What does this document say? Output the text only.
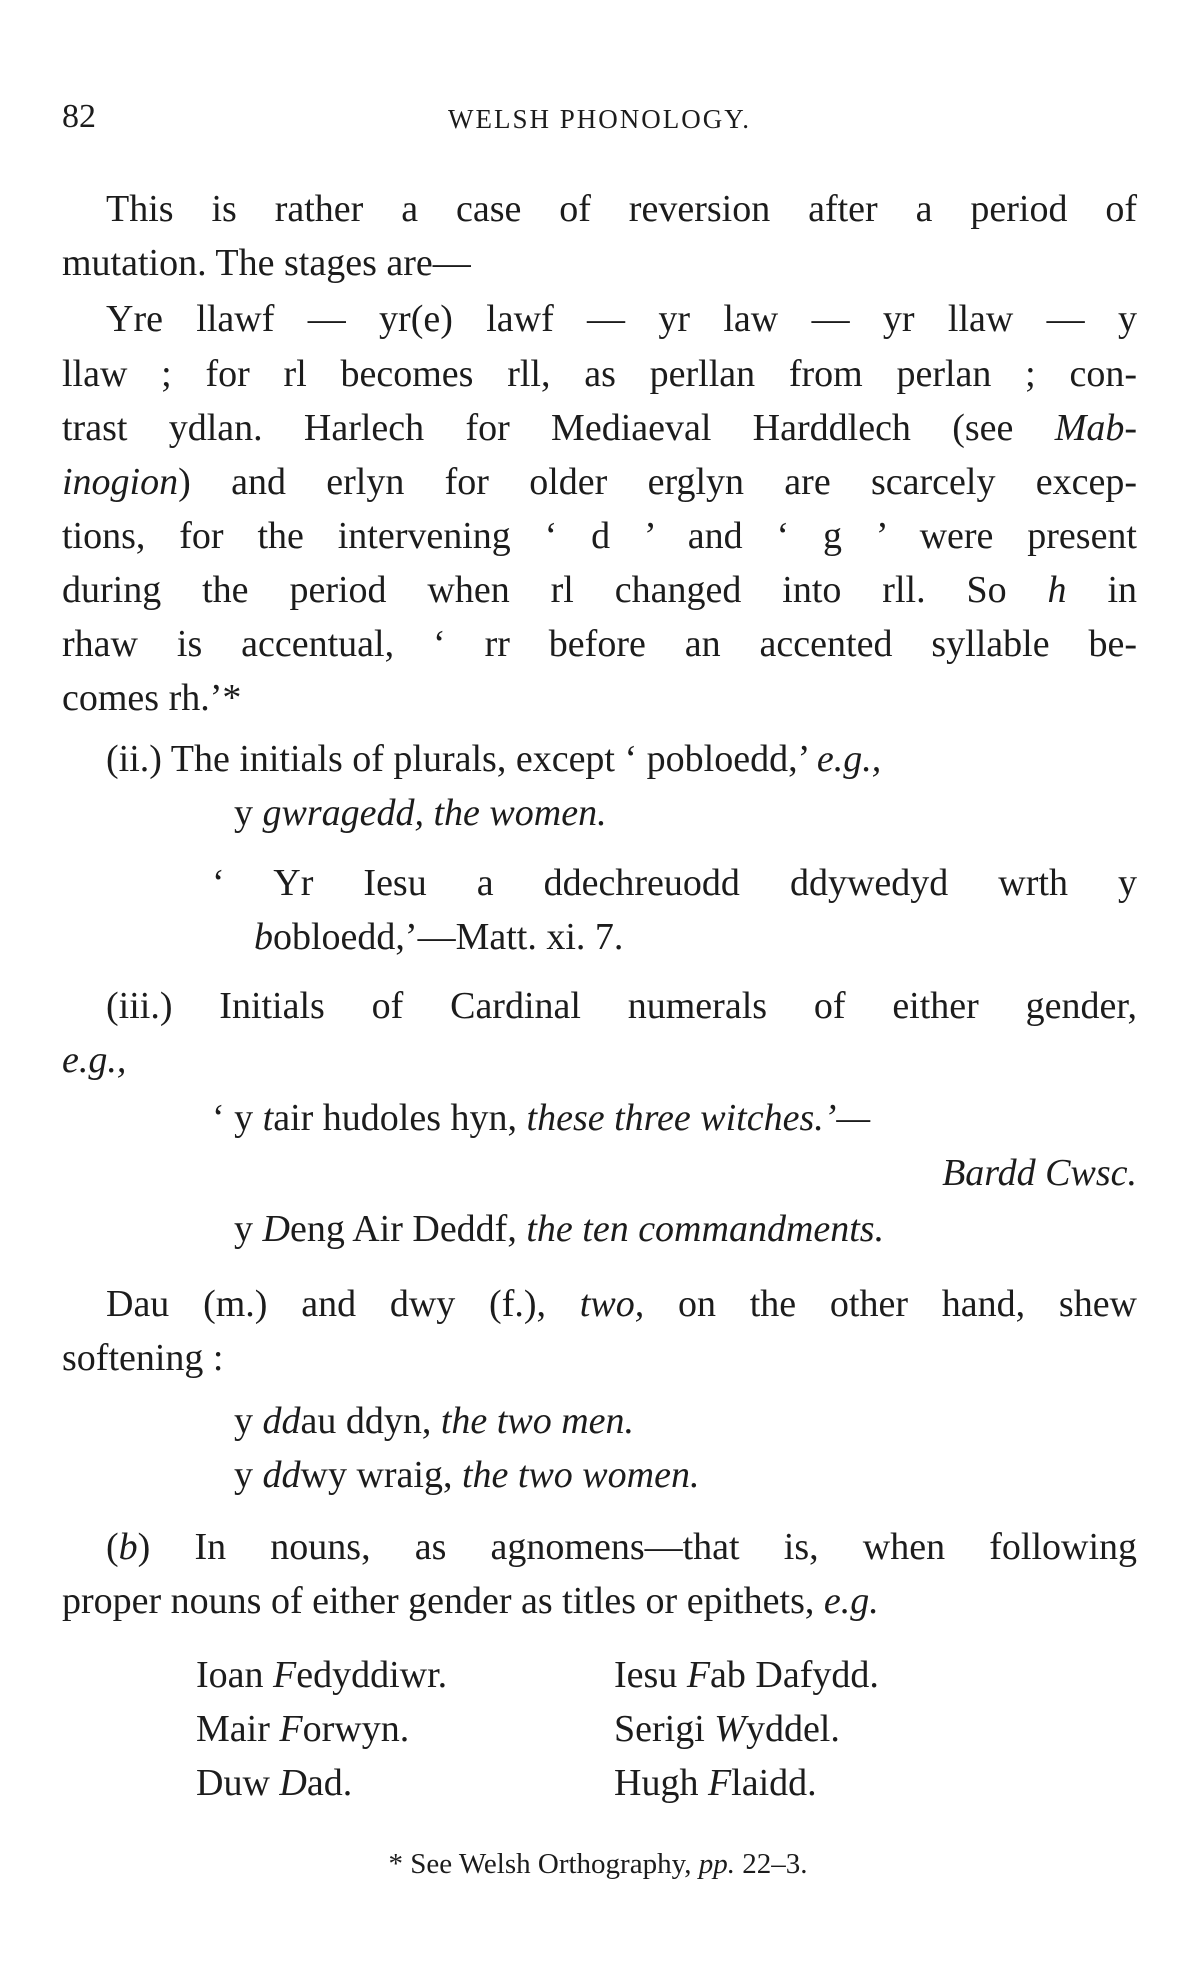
82	WELSH PHONOLOGY.
This is rather a case of reversion after a period of
mutation. The stages are—
Yre llawf — yr(e) lawf — yr law — yr llaw — y
llaw ; for rl becomes rll, as perllan from perlan ; con-
trast ydlan. Harlech for Mediaeval Harddlech (see Mab-
inogion) and erlyn for older erglyn are scarcely excep-
tions, for the intervening ‘ d ’ and ‘ g ’ were present
during the period when rl changed into rll. So h in
rhaw is accentual, ‘ rr before an accented syllable be-
comes rh.’*
(ii.) The initials of plurals, except ‘ pobloedd,’ e.g.,
y gwragedd, the women.
‘ Yr Iesu a ddechreuodd ddywedyd wrth y
bobloedd,’—Matt. xi. 7.
(iii.) Initials of Cardinal numerals of either gender,
e.g.,
‘ y tair hudoles hyn, these three witches.’—
Bardd Cwsc.
y Deng Air Deddf, the ten commandments.
Dau (m.) and dwy (f.), two, on the other hand, shew
softening :
y ddau ddyn, the two men.
y ddwy wraig, the two women.
(b) In nouns, as agnomens—that is, when following
proper nouns of either gender as titles or epithets, e.g.
Ioan Fedyddiwr.
Mair Forwyn.
Duw Dad.
Iesu Fab Dafydd.
Serigi Wyddel.
Hugh Flaidd.
* See Welsh Orthography, pp. 22–3.
